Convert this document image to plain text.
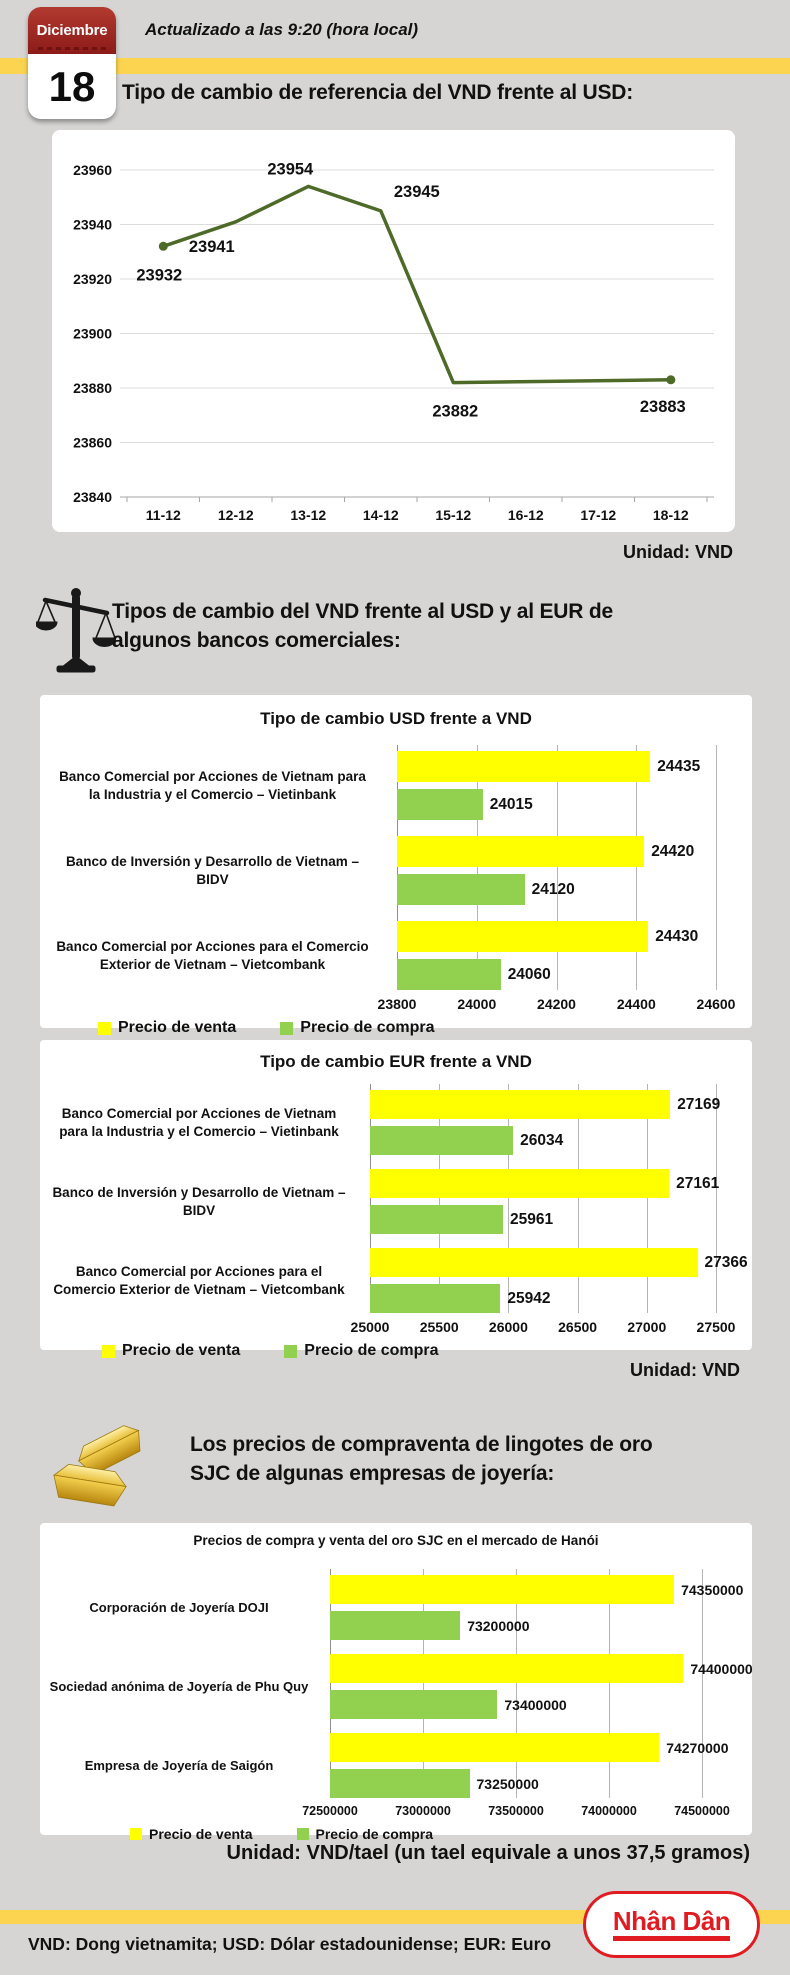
Diciembre
18
Actualizado a las 9:20 (hora local)
Tipo de cambio de referencia del VND frente al USD:
23840
23860
23880
23900
23920
23940
23960
11-12	12-12	13-12	14-12	15-12	16-12	17-12	18-12
23932
23941
23954
23945
23882	23883
Unidad: VND
Tipos de cambio del VND frente al USD y al EUR de algunos bancos comerciales:
Tipo de cambio USD frente a VND
23800	24000	24200	24400	24600
Banco Comercial por Acciones de Vietnam para
la Industria y el Comercio – Vietinbank
24435
24015
Banco de Inversión y Desarrollo de Vietnam –
BIDV
24420
24120
Banco Comercial por Acciones para el Comercio
Exterior de Vietnam – Vietcombank
24430
24060
Precio de venta	Precio de compra
Tipo de cambio EUR frente a VND
25000 25500 26000 26500 27000 27500
Banco Comercial por Acciones de Vietnam
para la Industria y el Comercio – Vietinbank
27169
26034
Banco de Inversión y Desarrollo de Vietnam –
BIDV
27161
25961
Banco Comercial por Acciones para el
Comercio Exterior de Vietnam – Vietcombank
27366
25942
Precio de venta	Precio de compra
Unidad: VND
Los precios de compraventa de lingotes de oro SJC de algunas empresas de joyería:
Precios de compra y venta del oro SJC en el mercado de Hanói
72500000	73000000	73500000	74000000	74500000
Corporación de Joyería DOJI
74350000
73200000
Sociedad anónima de Joyería de Phu Quy
74400000
73400000
Empresa de Joyería de Saigón
74270000
73250000
Precio de venta	Precio de compra
Unidad: VND/tael (un tael equivale a unos 37,5 gramos)
Nhân Dân
VND: Dong vietnamita; USD: Dólar estadounidense; EUR: Euro
